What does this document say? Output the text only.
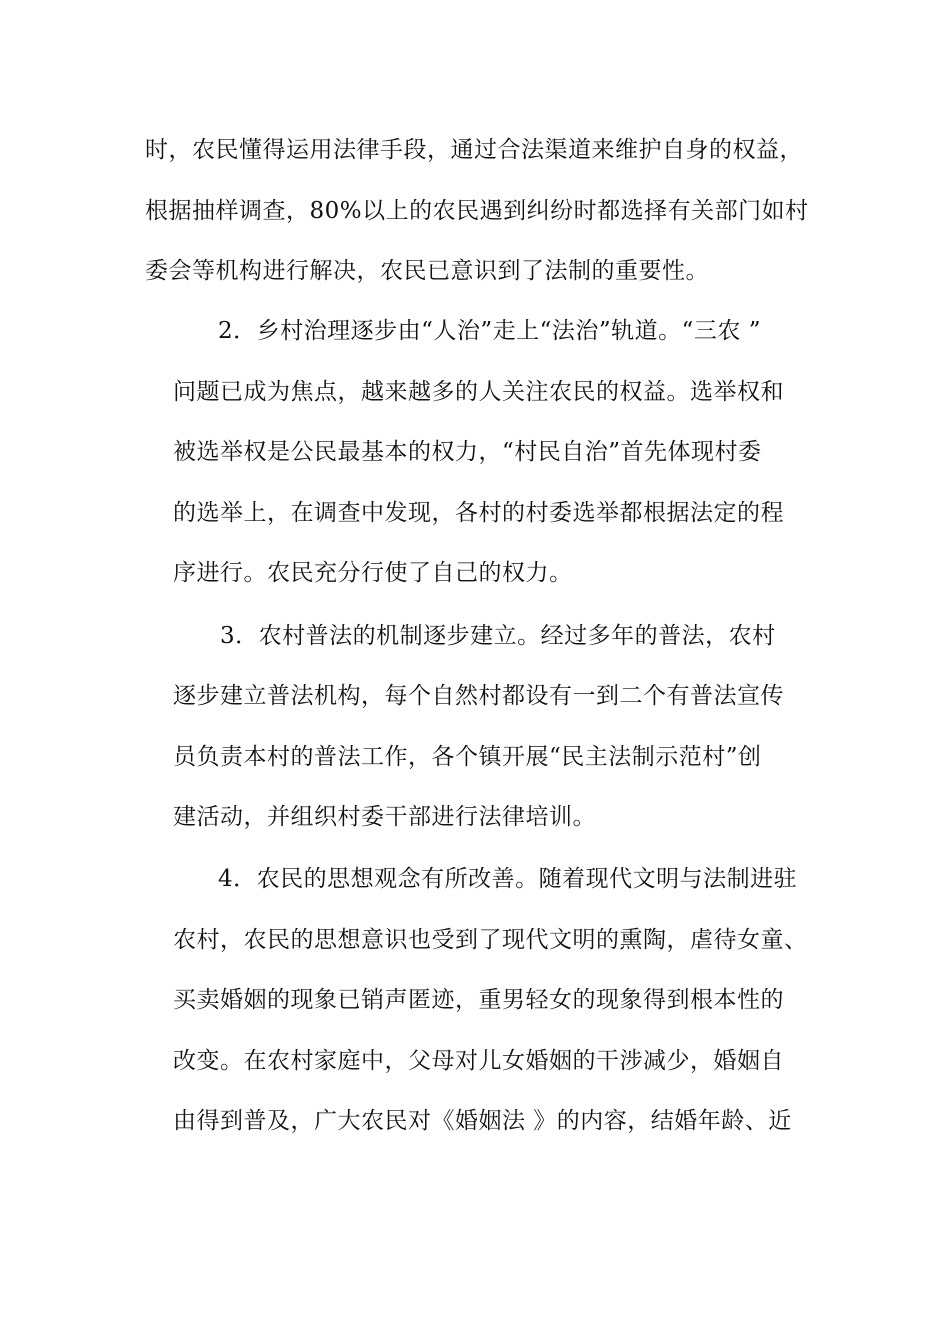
时，农民懂得运用法律手段，通过合法渠道来维护自身的权益，
根据抽样调查，80%以上的农民遇到纠纷时都选择有关部门如村
委会等机构进行解决，农民已意识到了法制的重要性。
2．乡村治理逐步由“人治”走上“法治”轨道。“三农 ”
问题已成为焦点，越来越多的人关注农民的权益。选举权和
被选举权是公民最基本的权力，“村民自治”首先体现村委
的选举上，在调查中发现，各村的村委选举都根据法定的程
序进行。农民充分行使了自己的权力。
3．农村普法的机制逐步建立。经过多年的普法，农村
逐步建立普法机构，每个自然村都设有一到二个有普法宣传
员负责本村的普法工作，各个镇开展“民主法制示范村”创
建活动，并组织村委干部进行法律培训。
4．农民的思想观念有所改善。随着现代文明与法制进驻
农村，农民的思想意识也受到了现代文明的熏陶，虐待女童、
买卖婚姻的现象已销声匿迹，重男轻女的现象得到根本性的
改变。在农村家庭中，父母对儿女婚姻的干涉减少，婚姻自
由得到普及，广大农民对《婚姻法 》的内容，结婚年龄、近
